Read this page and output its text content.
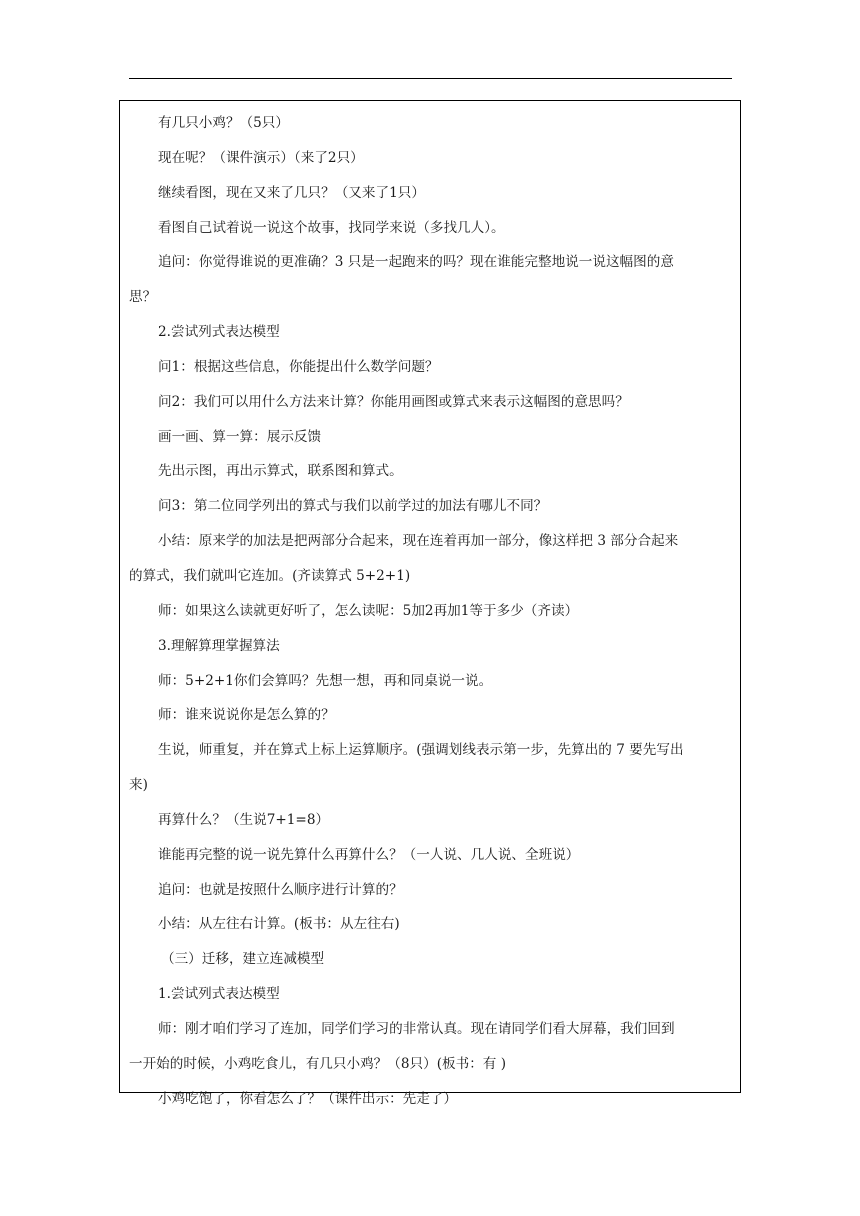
有几只小鸡？（5只）
现在呢？（课件演示）（来了2只）
继续看图，现在又来了几只？（又来了1只）
看图自己试着说一说这个故事，找同学来说（多找几人）。
追问：你觉得谁说的更准确？3 只是一起跑来的吗？现在谁能完整地说一说这幅图的意
思？
2.尝试列式表达模型
问1：根据这些信息，你能提出什么数学问题？
问2：我们可以用什么方法来计算？你能用画图或算式来表示这幅图的意思吗？
画一画、算一算：展示反馈
先出示图，再出示算式，联系图和算式。
问3：第二位同学列出的算式与我们以前学过的加法有哪儿不同？
小结：原来学的加法是把两部分合起来，现在连着再加一部分，像这样把 3 部分合起来
的算式，我们就叫它连加。(齐读算式 5+2+1)
师：如果这么读就更好听了，怎么读呢：5加2再加1等于多少（齐读）
3.理解算理掌握算法
师：5+2+1你们会算吗？先想一想，再和同桌说一说。
师：谁来说说你是怎么算的？
生说，师重复，并在算式上标上运算顺序。(强调划线表示第一步，先算出的 7 要先写出
来)
再算什么？（生说7+1=8）
谁能再完整的说一说先算什么再算什么？（一人说、几人说、全班说）
追问：也就是按照什么顺序进行计算的？
小结：从左往右计算。(板书：从左往右)
（三）迁移，建立连减模型
1.尝试列式表达模型
师：刚才咱们学习了连加，同学们学习的非常认真。现在请同学们看大屏幕，我们回到
一开始的时候，小鸡吃食儿，有几只小鸡？（8只）(板书：有 )
小鸡吃饱了，你看怎么了？（课件出示：先走了）
